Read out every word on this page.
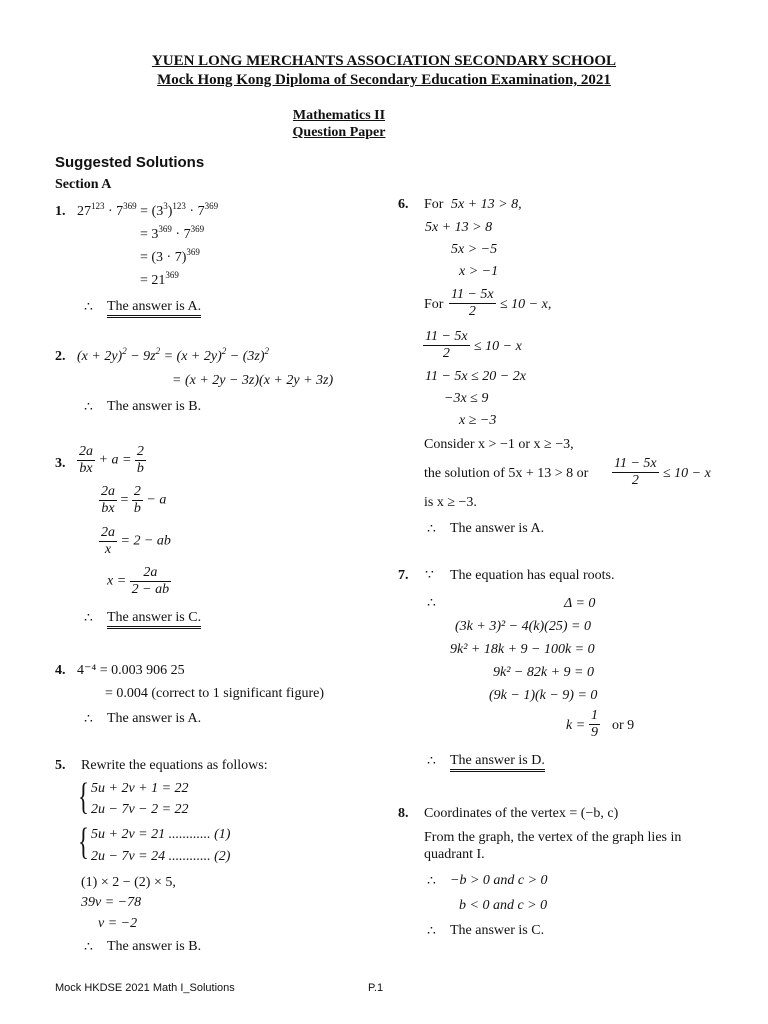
YUEN LONG MERCHANTS ASSOCIATION SECONDARY SCHOOL
Mock Hong Kong Diploma of Secondary Education Examination, 2021
Mathematics II
Question Paper
Suggested Solutions
Section A
1. $27^{123} \cdot 7^{369} = (3^3)^{123} \cdot 7^{369}$
= $3^{369} \cdot 7^{369}$
= $(3 \cdot 7)^{369}$
= $21^{369}$
∴ The answer is A.
2. $(x + 2y)^2 - 9z^2 = (x + 2y)^2 - (3z)^2$
= (x + 2y − 3z)(x + 2y + 3z)
∴ The answer is B.
3. $\frac{2a}{bx} + a = \frac{2}{b}$
$\frac{2a}{bx} = \frac{2}{b} - a$
$\frac{2a}{x} = 2$ − ab
$x = \frac{2a}{2 - ab}$
∴ The answer is C.
4. 4⁻⁴ = 0.003 906 25
= 0.004 (correct to 1 significant figure)
∴ The answer is A.
5. Rewrite the equations as follows:
{ 5u + 2v + 1 = 22
2u − 7v − 2 = 22
{ 5u + 2v = 21 ............ (1)
2u − 7v = 24 ............ (2)
(1) × 2 − (2) × 5,
39v = −78
v = −2
∴ The answer is B.
6. For 5x + 13 > 8,
5x + 13 > 8
5x > −5
x > −1
For $\frac{11 - 5x}{2} \le 10 - x$,
$\frac{11 - 5x}{2} \le 10 - x$
11 − 5x ≤ 20 − 2x
−3x ≤ 9
x ≥ −3
Consider x > −1 or x ≥ −3,
the solution of 5x + 13 > 8 or $\frac{11 - 5x}{2} \le 10 - x$
is x ≥ −3.
∴ The answer is A.
7. ∵ The equation has equal roots.
∴	Δ = 0
(3k + 3)² − 4(k)(25) = 0
9k² + 18k + 9 − 100k = 0
9k² − 82k + 9 = 0
(9k − 1)(k − 9) = 0
$k = \frac{1}{9}$ or 9
∴ The answer is D.
8. Coordinates of the vertex = (−b, c)
From the graph, the vertex of the graph lies in
quadrant I.
∴ −b > 0 and c > 0
b < 0 and c > 0
∴ The answer is C.
Mock HKDSE 2021 Math I_Solutions	P.1
